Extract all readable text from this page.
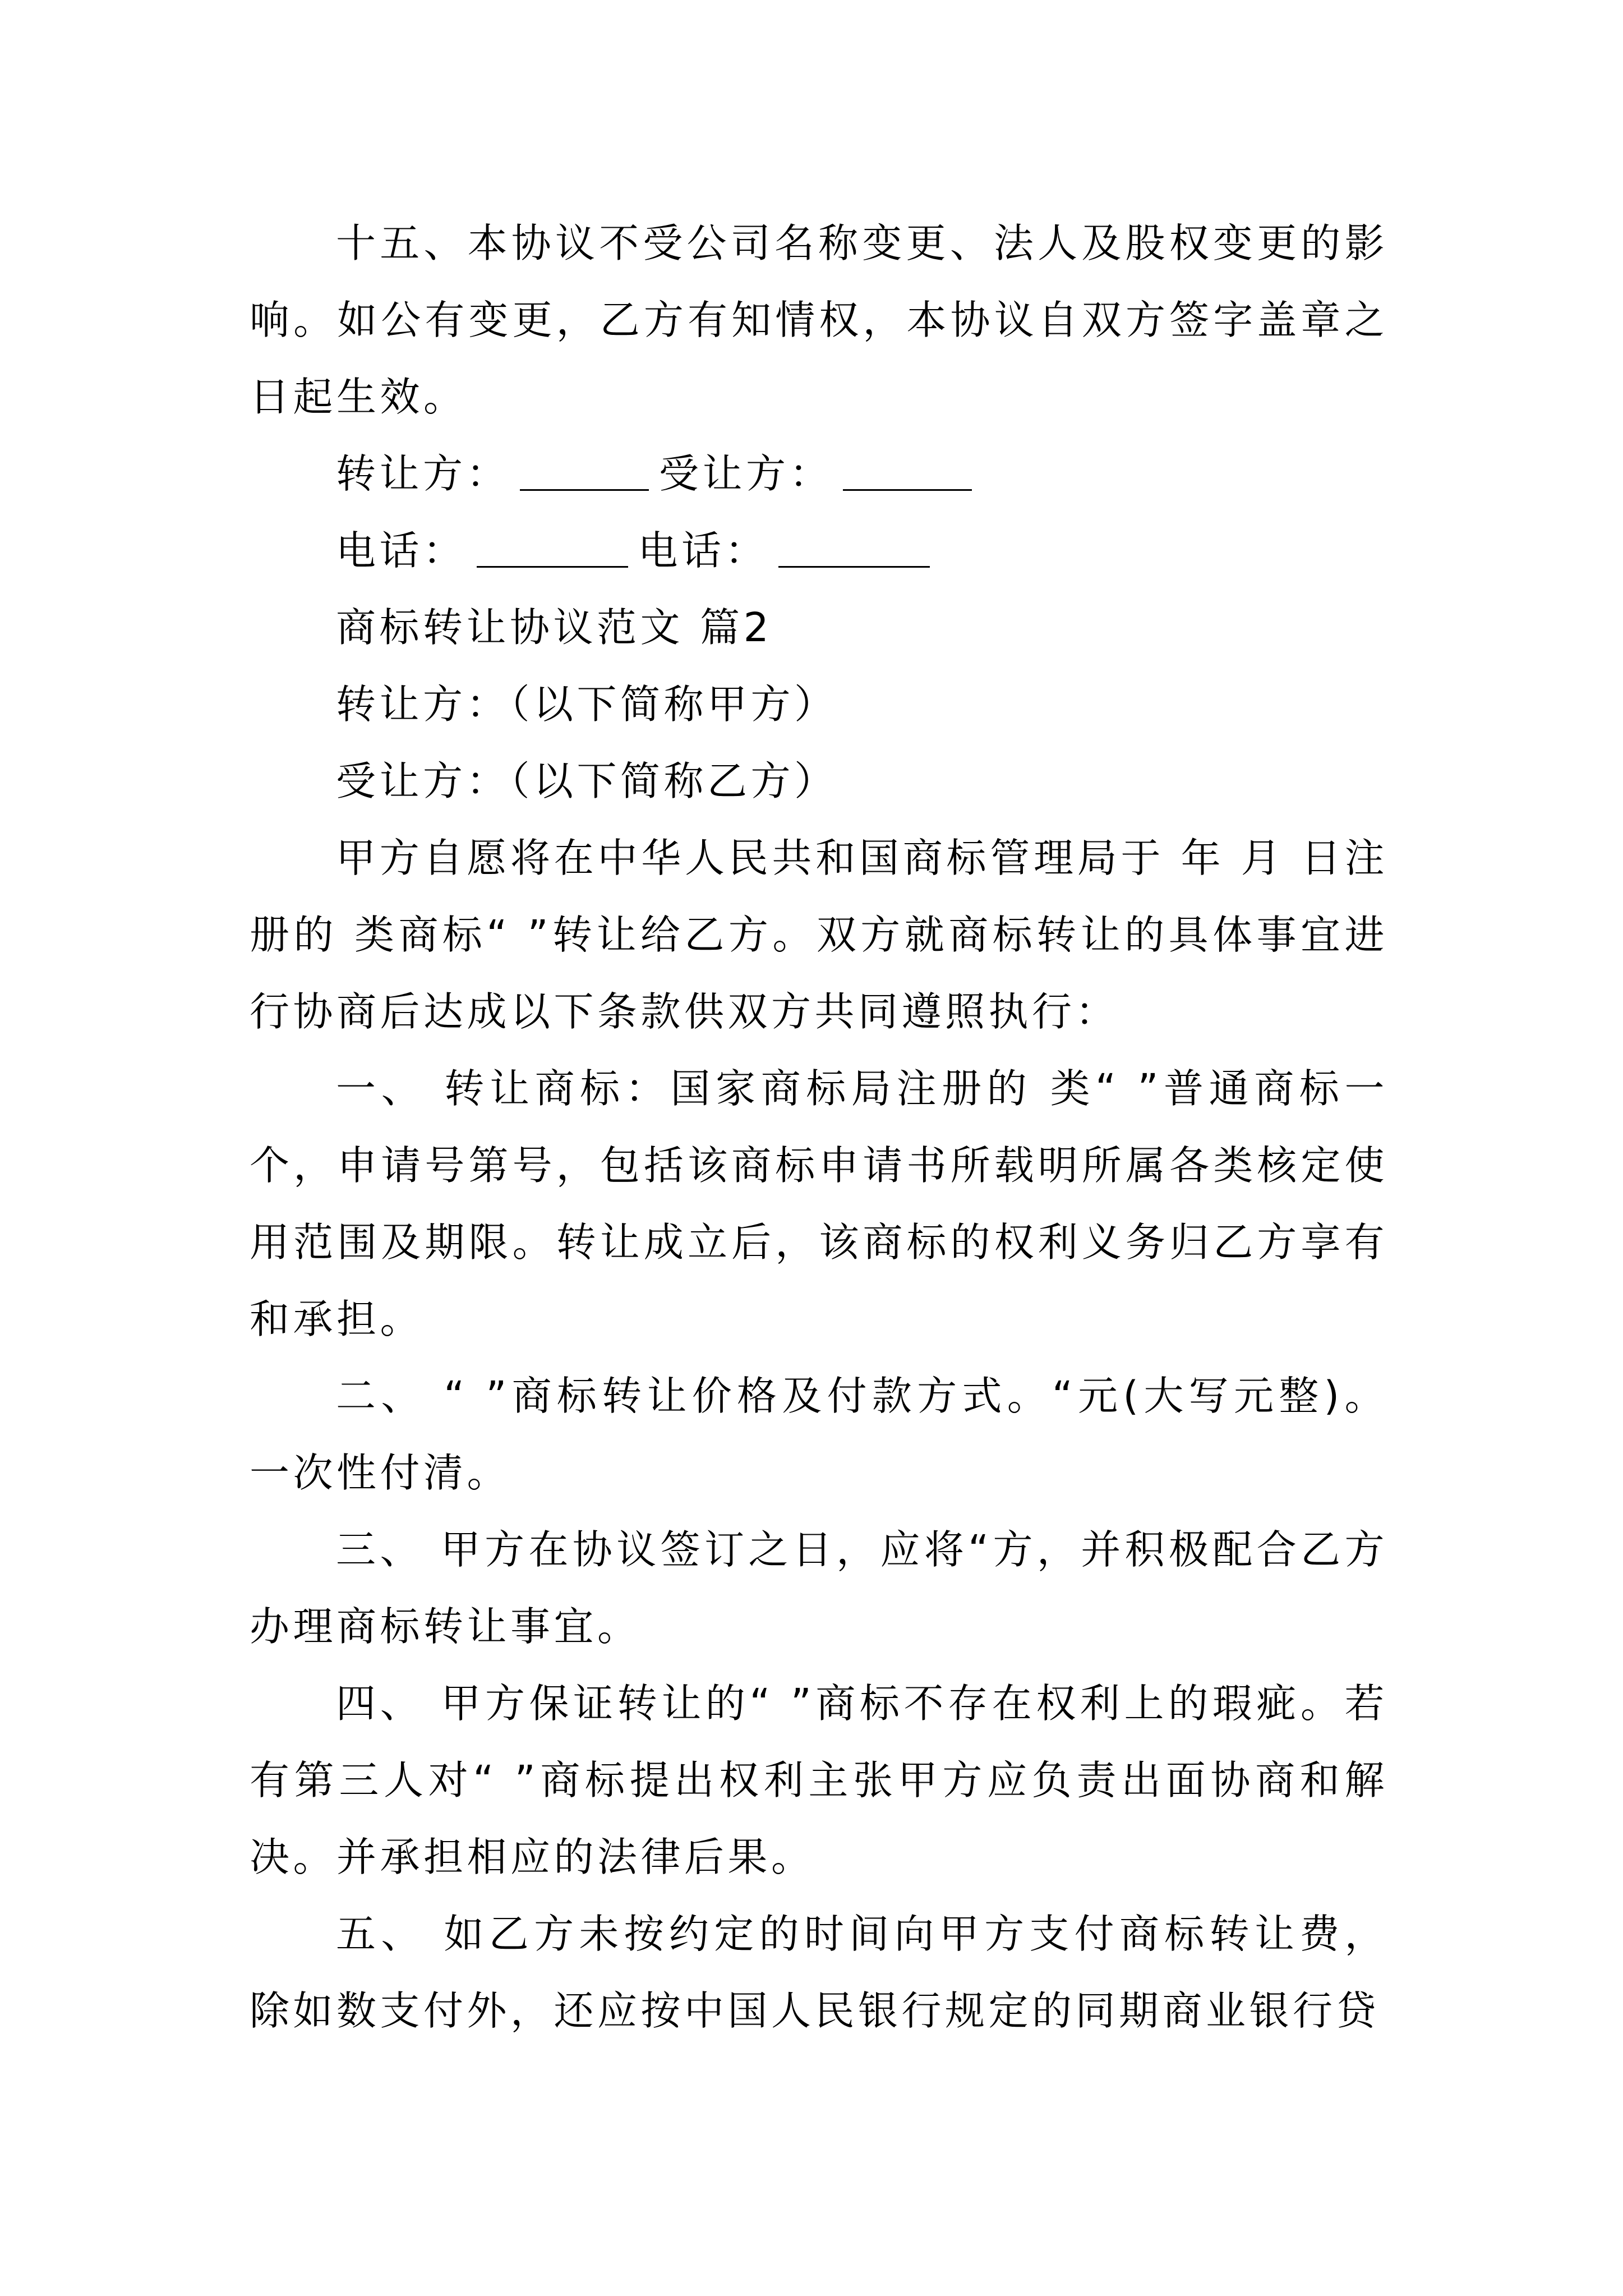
十五、本协议不受公司名称变更、法人及股权变更的影响。如公有变更，乙方有知情权，本协议自双方签字盖章之日起生效。

转让方：	受让方：
电话：	电话：
商标转让协议范文 篇2
转让方：（以下简称甲方）
受让方：（以下简称乙方）

甲方自愿将在中华人民共和国商标管理局于 年 月 日注册的 类商标“ ”转让给乙方。双方就商标转让的具体事宜进行协商后达成以下条款供双方共同遵照执行：

一、 转让商标：国家商标局注册的 类“ ”普通商标一个，申请号第号，包括该商标申请书所载明所属各类核定使用范围及期限。转让成立后，该商标的权利义务归乙方享有和承担。

二、 “ ”商标转让价格及付款方式。“元(大写元整)。一次性付清。

三、 甲方在协议签订之日，应将“方，并积极配合乙方办理商标转让事宜。

四、 甲方保证转让的“ ”商标不存在权利上的瑕疵。若有第三人对“ ”商标提出权利主张甲方应负责出面协商和解决。并承担相应的法律后果。

五、 如乙方未按约定的时间向甲方支付商标转让费，除如数支付外，还应按中国人民银行规定的同期商业银行贷
